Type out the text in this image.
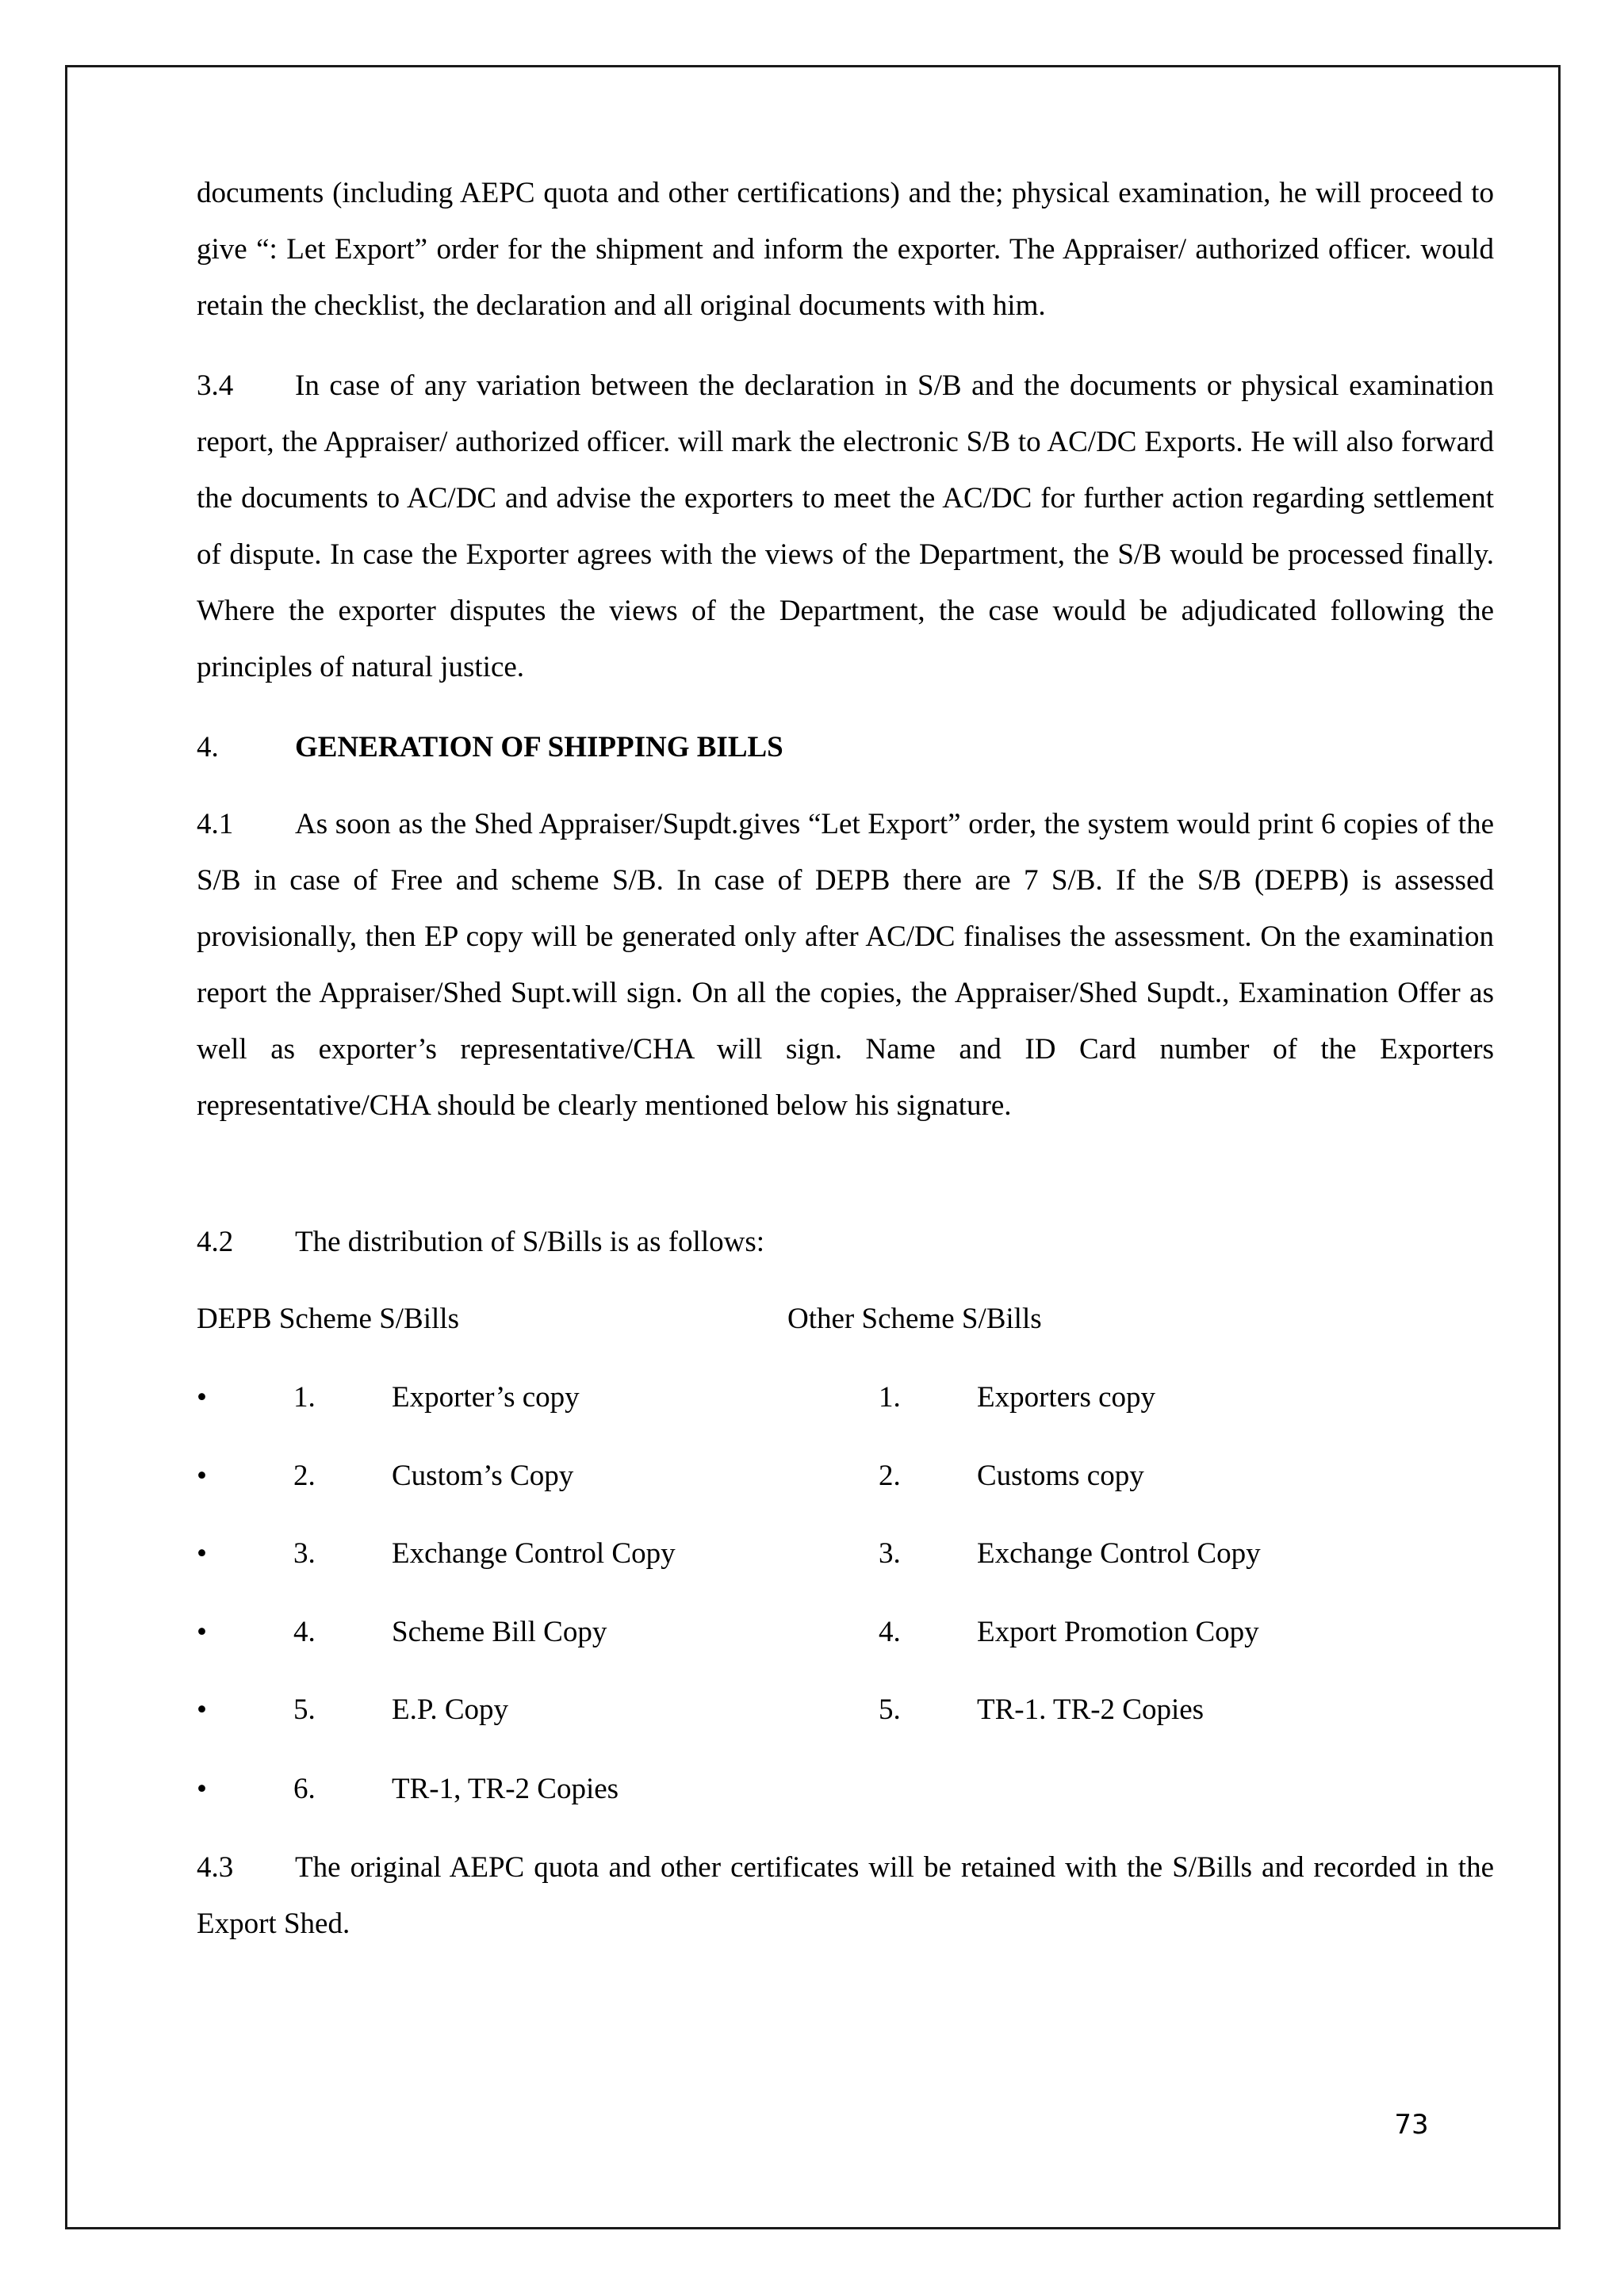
documents (including AEPC quota and other certifications) and the; physical examination, he will proceed to give “: Let Export” order for the shipment and inform the exporter. The Appraiser/ authorized officer. would retain the checklist, the declaration and all original documents with him.

3.4 In case of any variation between the declaration in S/B and the documents or physical examination report, the Appraiser/ authorized officer. will mark the electronic S/B to AC/DC Exports. He will also forward the documents to AC/DC and advise the exporters to meet the AC/DC for further action regarding settlement of dispute. In case the Exporter agrees with the views of the Department, the S/B would be processed finally. Where the exporter disputes the views of the Department, the case would be adjudicated following the principles of natural justice.

4.	GENERATION OF SHIPPING BILLS

4.1 As soon as the Shed Appraiser/Supdt.gives “Let Export” order, the system would print 6 copies of the S/B in case of Free and scheme S/B. In case of DEPB there are 7 S/B. If the S/B (DEPB) is assessed provisionally, then EP copy will be generated only after AC/DC finalises the assessment. On the examination report the Appraiser/Shed Supt.will sign. On all the copies, the Appraiser/Shed Supdt., Examination Offer as well as exporter’s representative/CHA will sign. Name and ID Card number of the Exporters representative/CHA should be clearly mentioned below his signature.

4.2 The distribution of S/Bills is as follows:

DEPB Scheme S/Bills	Other Scheme S/Bills
•	1.	Exporter’s copy	1.	Exporters copy
•	2.	Custom’s Copy	2.	Customs copy
•	3.	Exchange Control Copy	3.	Exchange Control Copy
•	4.	Scheme Bill Copy	4.	Export Promotion Copy
•	5.	E.P. Copy	5.	TR-1. TR-2 Copies
•	6.	TR-1, TR-2 Copies

4.3 The original AEPC quota and other certificates will be retained with the S/Bills and recorded in the Export Shed.

73
